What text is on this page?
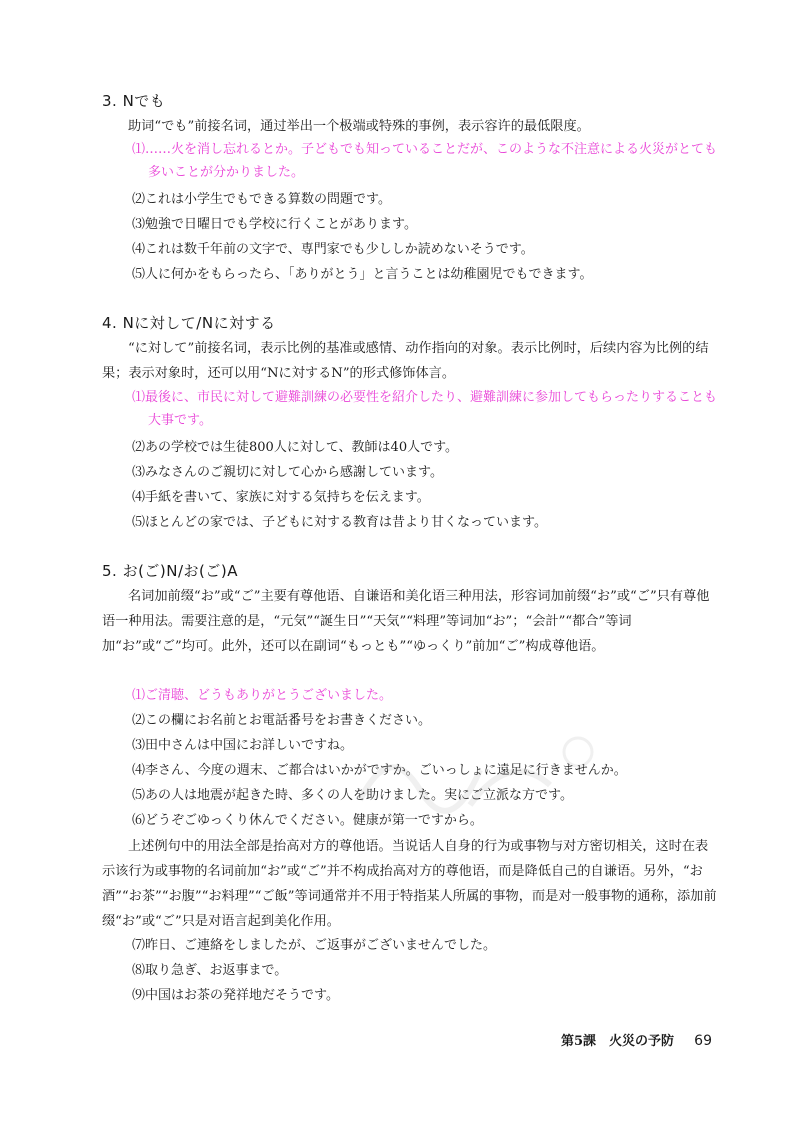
3. Nでも
助词“でも”前接名词，通过举出一个极端或特殊的事例，表示容许的最低限度。
⑴……火を消し忘れるとか。子どもでも知っていることだが、このような不注意による火災がとても多いことが分かりました。
⑵これは小学生でもできる算数の問題です。
⑶勉強で日曜日でも学校に行くことがあります。
⑷これは数千年前の文字で、専門家でも少ししか読めないそうです。
⑸人に何かをもらったら、「ありがとう」と言うことは幼稚園児でもできます。
4. Nに対して/Nに対する
“に対して”前接名词，表示比例的基准或感情、动作指向的对象。表示比例时，后续内容为比例的结果；表示对象时，还可以用“Nに対するN”的形式修饰体言。
⑴最後に、市民に対して避難訓練の必要性を紹介したり、避難訓練に参加してもらったりすることも大事です。
⑵あの学校では生徒800人に対して、教師は40人です。
⑶みなさんのご親切に対して心から感謝しています。
⑷手紙を書いて、家族に対する気持ちを伝えます。
⑸ほとんどの家では、子どもに対する教育は昔より甘くなっています。
5. お(ご)N/お(ご)A
名词加前缀“お”或“ご”主要有尊他语、自谦语和美化语三种用法，形容词加前缀“お”或“ご”只有尊他语一种用法。需要注意的是，“元気”“誕生日”“天気”“料理”等词加“お”；“会計”“都合”等词加“お”或“ご”均可。此外，还可以在副词“もっとも”“ゆっくり”前加“ご”构成尊他语。
⑴ご清聴、どうもありがとうございました。
⑵この欄にお名前とお電話番号をお書きください。
⑶田中さんは中国にお詳しいですね。
⑷李さん、今度の週末、ご都合はいかがですか。ごいっしょに遠足に行きませんか。
⑸あの人は地震が起きた時、多くの人を助けました。実にご立派な方です。
⑹どうぞごゆっくり休んでください。健康が第一ですから。
上述例句中的用法全部是抬高对方的尊他语。当说话人自身的行为或事物与对方密切相关，这时在表示该行为或事物的名词前加“お”或“ご”并不构成抬高对方的尊他语，而是降低自己的自谦语。另外，“お酒”“お茶”“お腹”“お料理”“ご飯”等词通常并不用于特指某人所属的事物，而是对一般事物的通称，添加前缀“お”或“ご”只是对语言起到美化作用。
⑺昨日、ご連絡をしましたが、ご返事がございませんでした。
⑻取り急ぎ、お返事まで。
⑼中国はお茶の発祥地だそうです。
第5課　火災の予防 69
